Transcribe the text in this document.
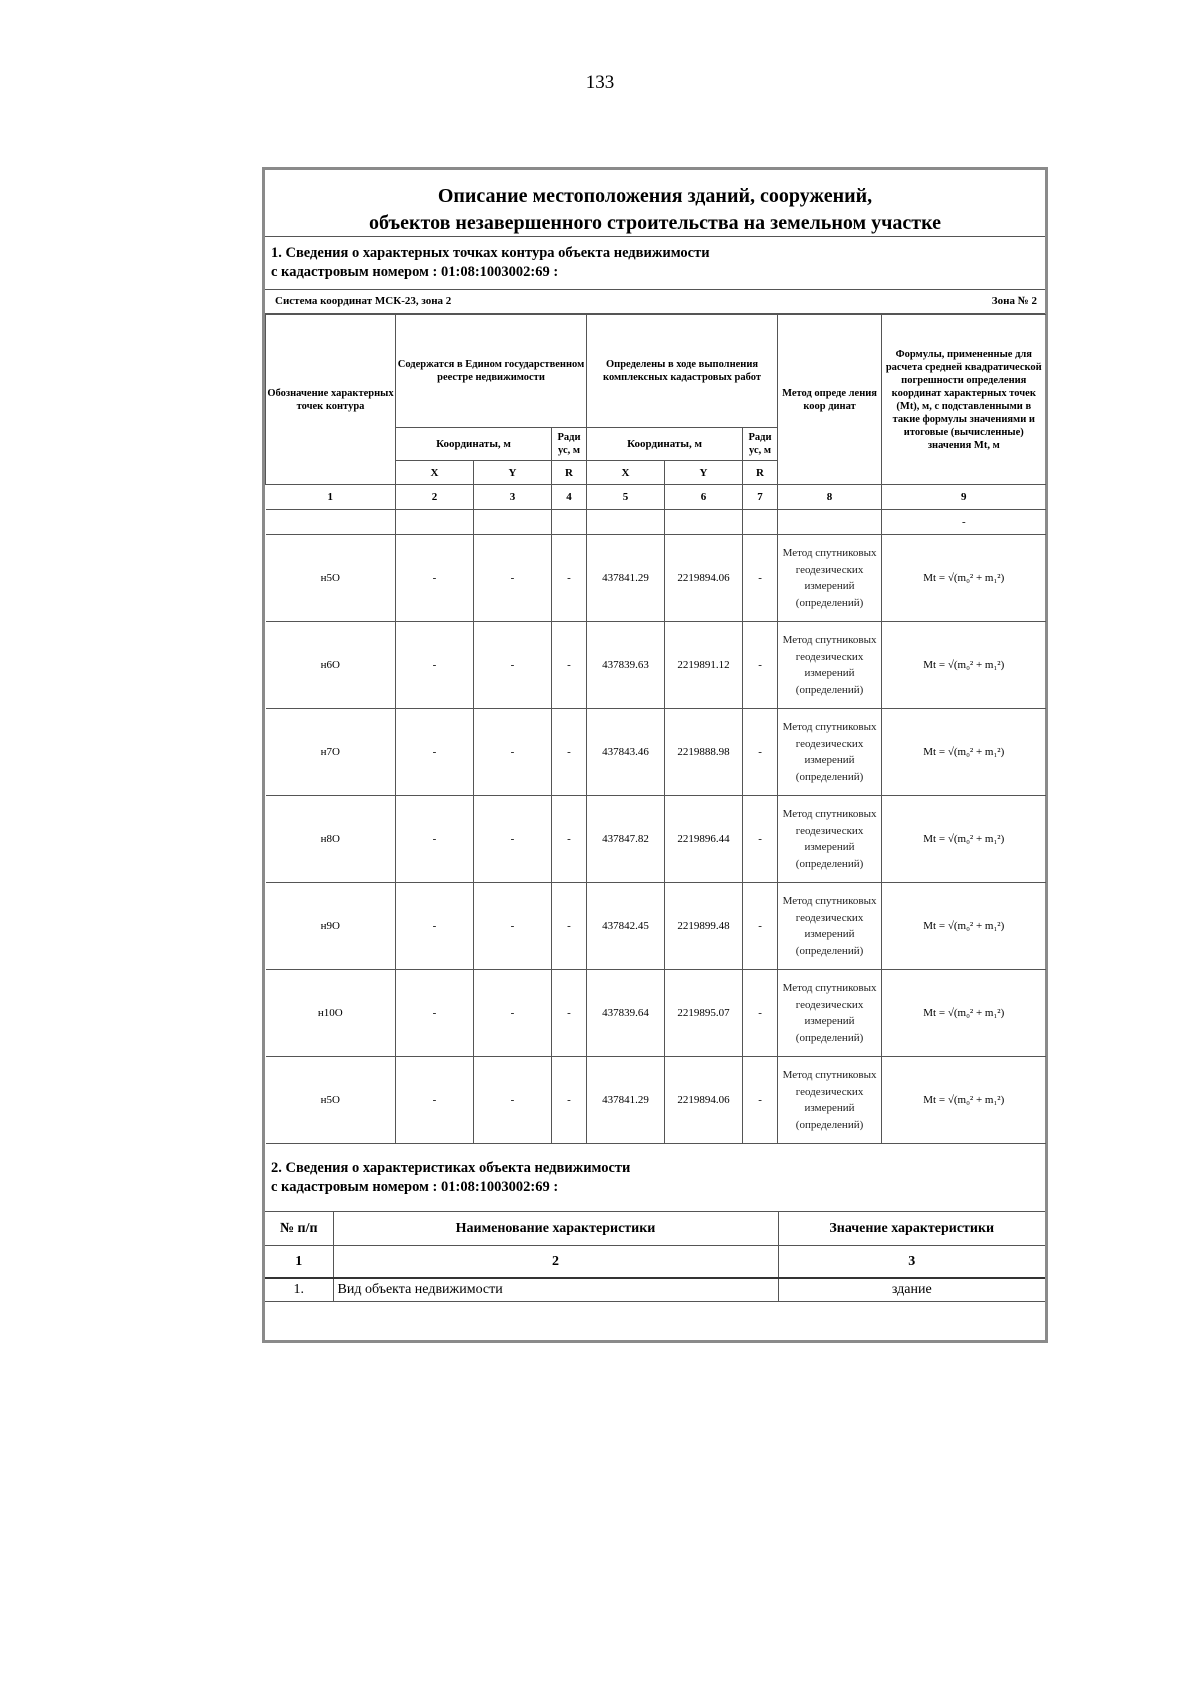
133
Описание местоположения зданий, сооружений,
объектов незавершенного строительства на земельном участке
1. Сведения о характерных точках контура объекта недвижимости
с кадастровым номером : 01:08:1003002:69 :
Система координат МСК-23, зона 2	Зона № 2
Обозначение характерных точек контура	Содержатся в Едином государственном реестре недвижимости			Определены в ходе выполнения комплексных кадастровых работ			Метод опреде ления коор динат	Формулы, примененные для расчета средней квадратической погрешности определения координат характерных точек (Mt), м, с подставленными в такие формулы значениями и итоговые (вычисленные) значения Mt, м
	Координаты, м		Ради ус, м	Координаты, м		Ради ус, м		
	X	Y	R	X	Y	R		
1	2	3	4	5	6	7	8	9
								-
н5О	-	-	-	437841.29	2219894.06	-	Метод спутниковых геодезических измерений (определений)	Mt = √(m₀² + m₁²)
н6О	-	-	-	437839.63	2219891.12	-	Метод спутниковых геодезических измерений (определений)	Mt = √(m₀² + m₁²)
н7О	-	-	-	437843.46	2219888.98	-	Метод спутниковых геодезических измерений (определений)	Mt = √(m₀² + m₁²)
н8О	-	-	-	437847.82	2219896.44	-	Метод спутниковых геодезических измерений (определений)	Mt = √(m₀² + m₁²)
н9О	-	-	-	437842.45	2219899.48	-	Метод спутниковых геодезических измерений (определений)	Mt = √(m₀² + m₁²)
н10О	-	-	-	437839.64	2219895.07	-	Метод спутниковых геодезических измерений (определений)	Mt = √(m₀² + m₁²)
н5О	-	-	-	437841.29	2219894.06	-	Метод спутниковых геодезических измерений (определений)	Mt = √(m₀² + m₁²)
2. Сведения о характеристиках объекта недвижимости
с кадастровым номером : 01:08:1003002:69 :
№ п/п	Наименование характеристики	Значение характеристики
1	2	3
1.	Вид объекта недвижимости	здание
